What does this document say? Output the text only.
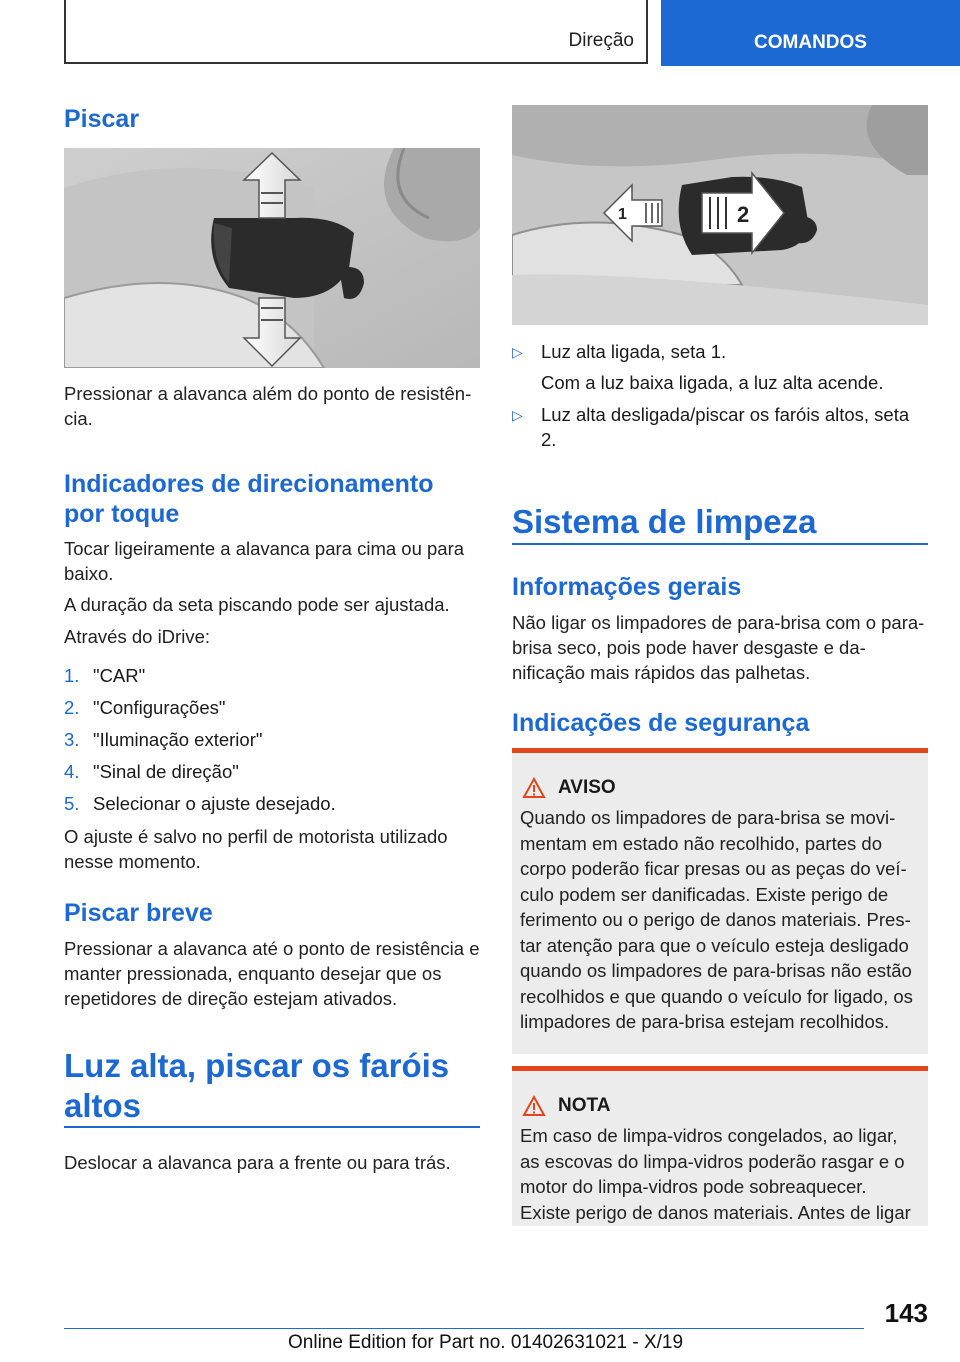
Direção	COMANDOS
Piscar
Pressionar a alavanca além do ponto de resistência.
Indicadores de direcionamento por toque
Tocar ligeiramente a alavanca para cima ou para baixo.
A duração da seta piscando pode ser ajustada.
Através do iDrive:
1. "CAR"
2. "Configurações"
3. "Iluminação exterior"
4. "Sinal de direção"
5. Selecionar o ajuste desejado.
O ajuste é salvo no perfil de motorista utilizado nesse momento.
Piscar breve
Pressionar a alavanca até o ponto de resistência e manter pressionada, enquanto desejar que os repetidores de direção estejam ativados.
Luz alta, piscar os faróis altos
Deslocar a alavanca para a frente ou para trás.
2
1
▷ Luz alta ligada, seta 1.
Com a luz baixa ligada, a luz alta acende.
▷ Luz alta desligada/piscar os faróis altos, seta 2.
Sistema de limpeza
Informações gerais
Não ligar os limpadores de para-brisa com o para-brisa seco, pois pode haver desgaste e danificação mais rápidos das palhetas.
Indicações de segurança
AVISO
Quando os limpadores de para-brisa se movimentam em estado não recolhido, partes do corpo poderão ficar presas ou as peças do veículo podem ser danificadas. Existe perigo de ferimento ou o perigo de danos materiais. Prestar atenção para que o veículo esteja desligado quando os limpadores de para-brisas não estão recolhidos e que quando o veículo for ligado, os limpadores de para-brisa estejam recolhidos.
NOTA
Em caso de limpa-vidros congelados, ao ligar, as escovas do limpa-vidros poderão rasgar e o motor do limpa-vidros pode sobreaquecer. Existe perigo de danos materiais. Antes de ligar
143
Online Edition for Part no. 01402631021 - X/19
